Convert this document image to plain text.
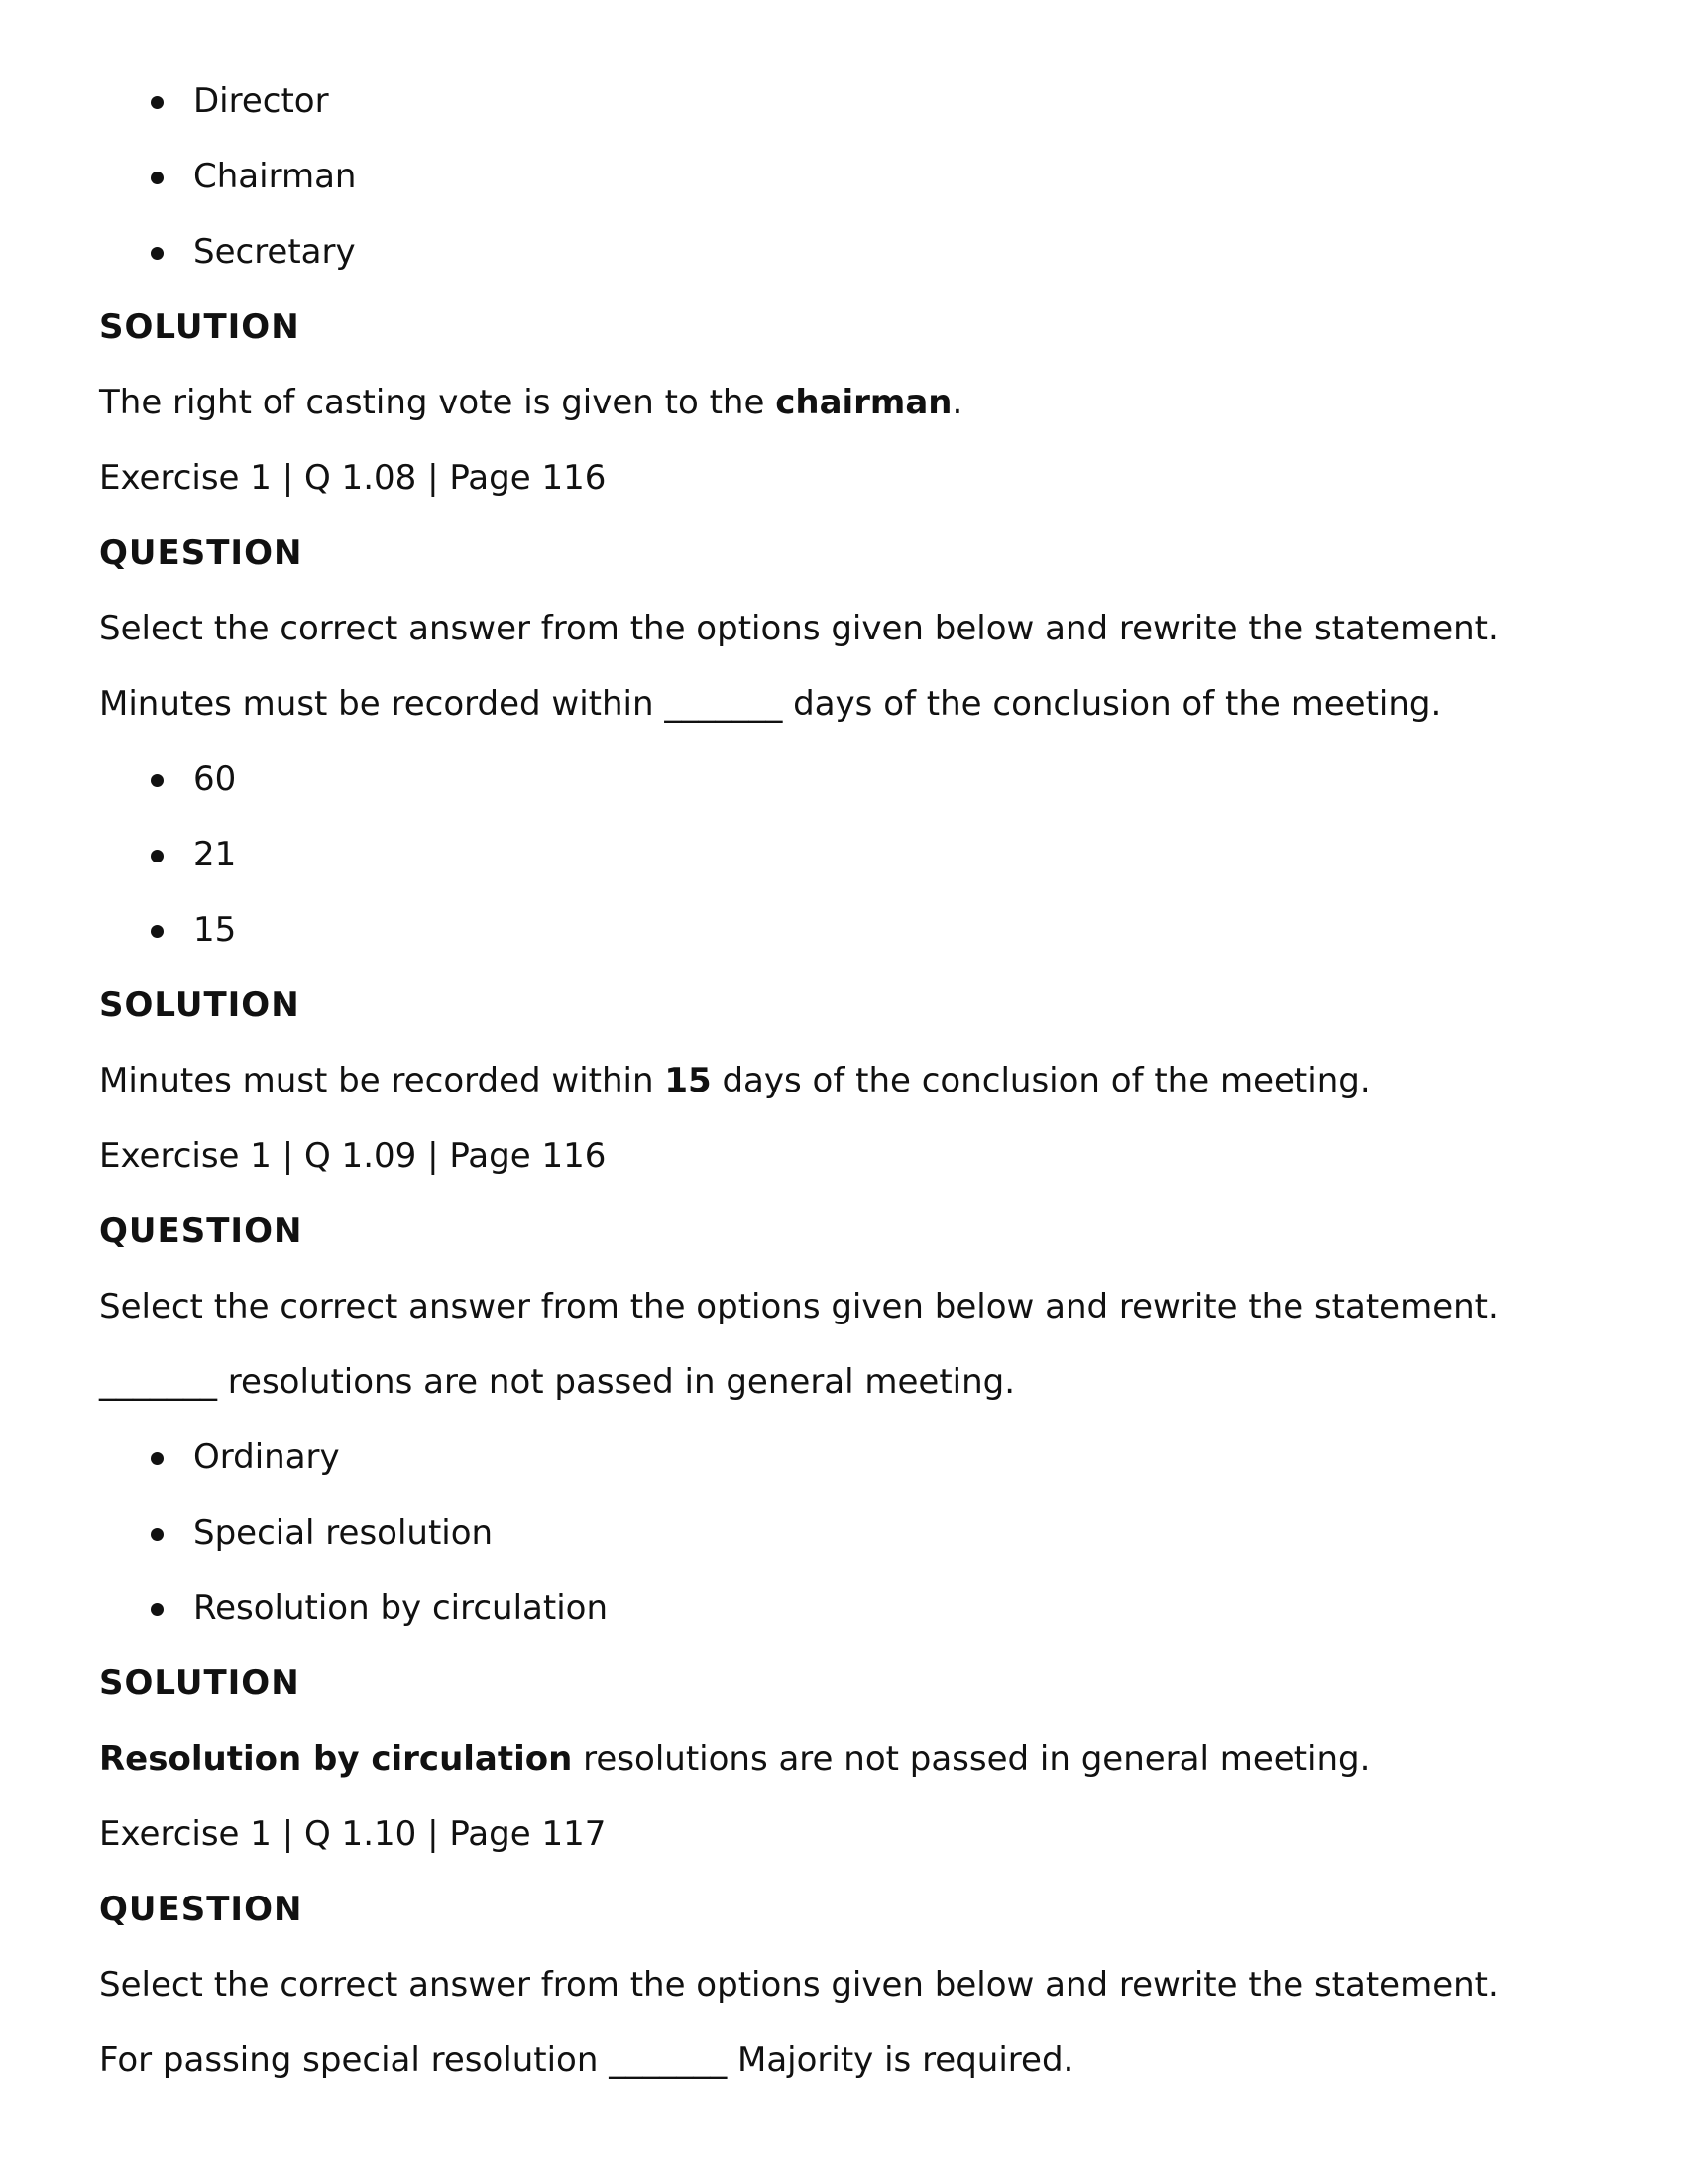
Director
Chairman
Secretary
SOLUTION
The right of casting vote is given to the chairman.
Exercise 1 | Q 1.08 | Page 116
QUESTION
Select the correct answer from the options given below and rewrite the statement.
Minutes must be recorded within _______ days of the conclusion of the meeting.
60
21
15
SOLUTION
Minutes must be recorded within 15 days of the conclusion of the meeting.
Exercise 1 | Q 1.09 | Page 116
QUESTION
Select the correct answer from the options given below and rewrite the statement.
_______ resolutions are not passed in general meeting.
Ordinary
Special resolution
Resolution by circulation
SOLUTION
Resolution by circulation resolutions are not passed in general meeting.
Exercise 1 | Q 1.10 | Page 117
QUESTION
Select the correct answer from the options given below and rewrite the statement.
For passing special resolution _______ Majority is required.
